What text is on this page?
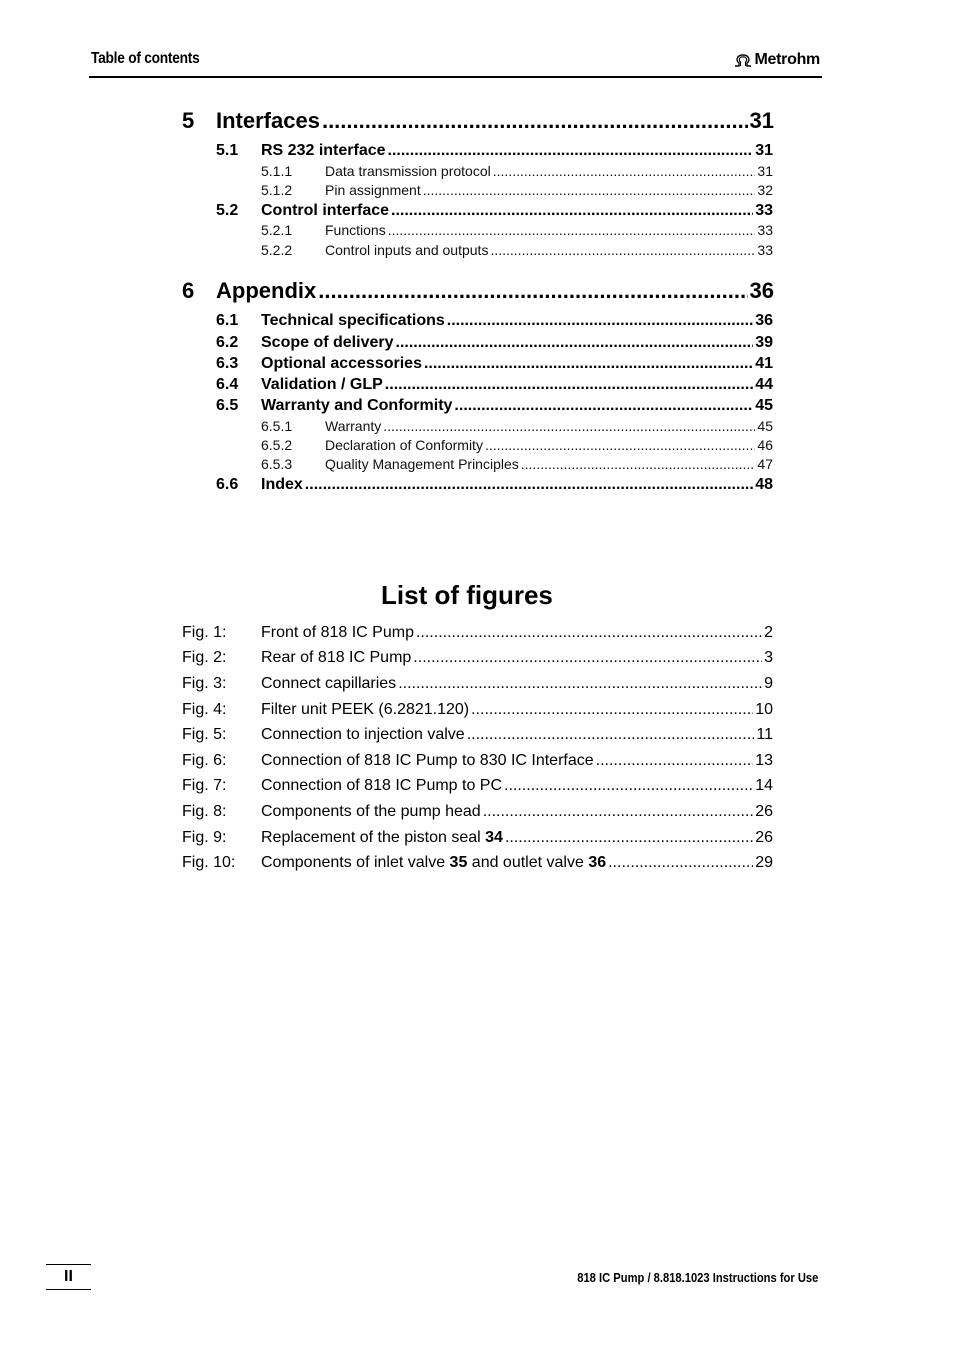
Table of contents	Metrohm
5 Interfaces .....	31
5.1	RS 232 interface .....	31
5.1.1	Data transmission protocol .....	31
5.1.2	Pin assignment .....	32
5.2	Control interface .....	33
5.2.1	Functions .....	33
5.2.2	Control inputs and outputs .....	33
6 Appendix .....	36
6.1	Technical specifications .....	36
6.2	Scope of delivery .....	39
6.3	Optional accessories .....	41
6.4	Validation / GLP .....	44
6.5	Warranty and Conformity .....	45
6.5.1	Warranty .....	45
6.5.2	Declaration of Conformity .....	46
6.5.3	Quality Management Principles .....	47
6.6	Index .....	48
List of figures
Fig. 1:	Front of 818 IC Pump .....	2
Fig. 2:	Rear of 818 IC Pump .....	3
Fig. 3:	Connect capillaries .....	9
Fig. 4:	Filter unit PEEK (6.2821.120) .....	10
Fig. 5:	Connection to injection valve .....	11
Fig. 6:	Connection of 818 IC Pump to 830 IC Interface .....	13
Fig. 7:	Connection of 818 IC Pump to PC .....	14
Fig. 8:	Components of the pump head .....	26
Fig. 9:	Replacement of the piston seal 34 .....	26
Fig. 10:	Components of inlet valve 35 and outlet valve 36 .....	29
II	818 IC Pump / 8.818.1023 Instructions for Use
